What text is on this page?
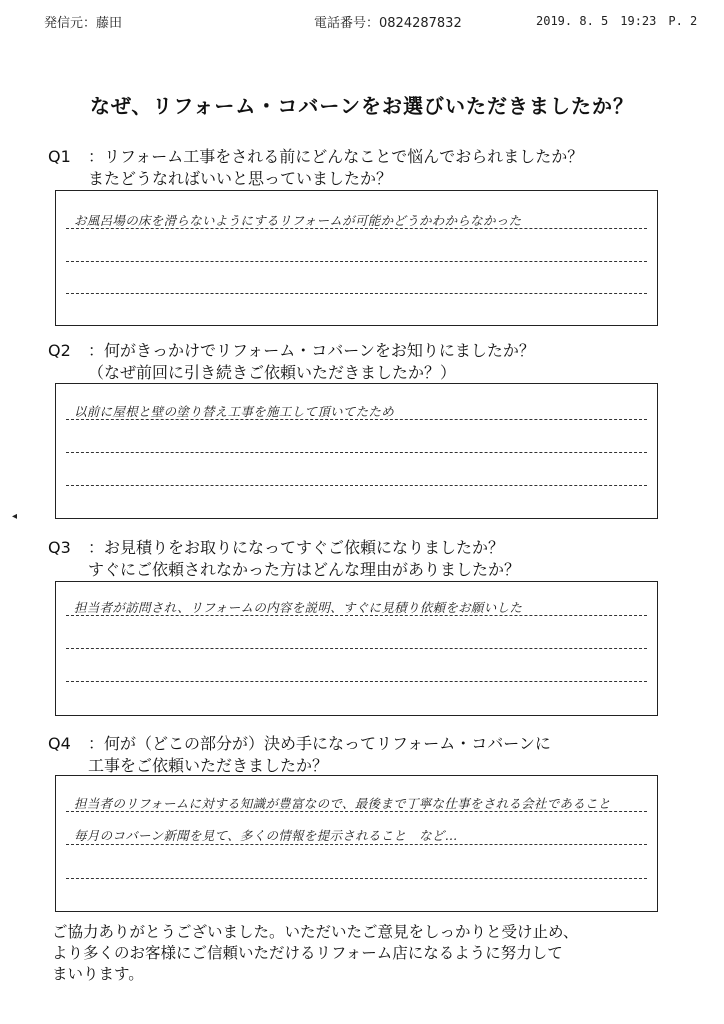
発信元：藤田	電話番号：0824287832	2019. 8. 5　19:23　P. 2
なぜ、リフォーム・コバーンをお選びいただきましたか？
Q1	：リフォーム工事をされる前にどんなことで悩んでおられましたか？
またどうなればいいと思っていましたか？
お風呂場の床を滑らないようにするリフォームが可能かどうかわからなかった
Q2	：何がきっかけでリフォーム・コバーンをお知りにましたか？
（なぜ前回に引き続きご依頼いただきましたか？）
以前に屋根と壁の塗り替え工事を施工して頂いてたため
◂
Q3	：お見積りをお取りになってすぐご依頼になりましたか？
すぐにご依頼されなかった方はどんな理由がありましたか？
担当者が訪問され、リフォームの内容を説明、すぐに見積り依頼をお願いした
Q4	：何が（どこの部分が）決め手になってリフォーム・コバーンに
工事をご依頼いただきましたか？
担当者のリフォームに対する知識が豊富なので、最後まで丁寧な仕事をされる会社であること
毎月のコバーン新聞を見て、多くの情報を提示されること　など…
ご協力ありがとうございました。いただいたご意見をしっかりと受け止め、
より多くのお客様にご信頼いただけるリフォーム店になるように努力して
まいります。
